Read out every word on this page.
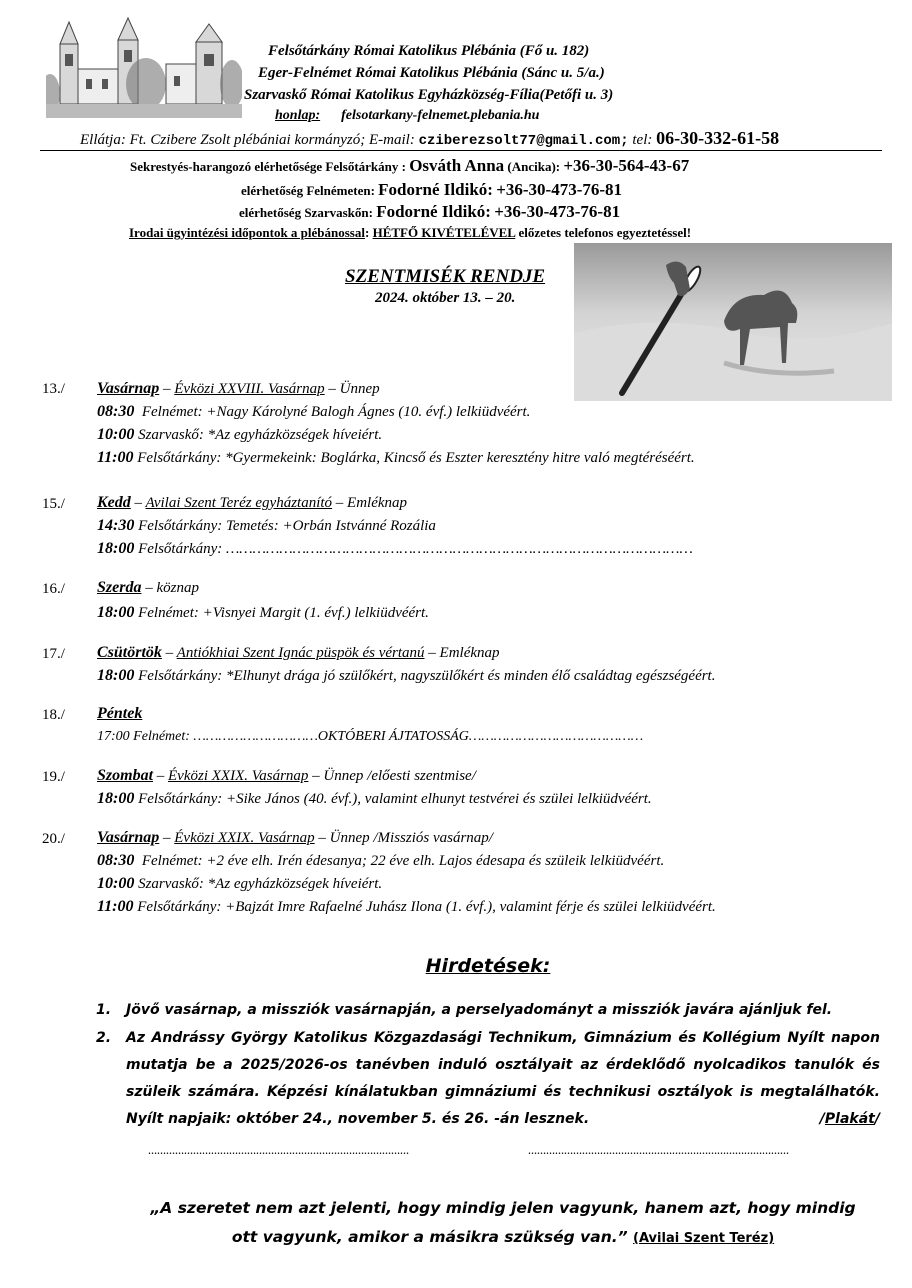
Felsőtárkány Római Katolikus Plébánia (Fő u. 182)
Eger-Felnémet Római Katolikus Plébánia (Sánc u. 5/a.)
Szarvaskő Római Katolikus Egyházközség-Fília(Petőfi u. 3)
honlap: felsotarkany-felnemet.plebania.hu
Ellátja: Ft. Czibere Zsolt plébániai kormányzó; E-mail: cziberezsolt77@gmail.com; tel: 06-30-332-61-58
Sekrestyés-harangozó elérhetősége Felsőtárkány : Osváth Anna (Ancika): +36-30-564-43-67
elérhetőség Felnémeten: Fodorné Ildikó: +36-30-473-76-81
elérhetőség Szarvaskőn: Fodorné Ildikó: +36-30-473-76-81
Irodai ügyintézési időpontok a plébánossal: HÉTFŐ KIVÉTELÉVEL előzetes telefonos egyeztetéssel!
SZENTMISÉK RENDJE
2024. október 13. – 20.
13./ Vasárnap – Évközi XXVIII. Vasárnap – Ünnep
08:30 Felnémet: +Nagy Károlyné Balogh Ágnes (10. évf.) lelkiüdvéért.
10:00 Szarvaskő: *Az egyházközségek híveiért.
11:00 Felsőtárkány: *Gyermekeink: Boglárka, Kincső és Eszter keresztény hitre való megtéréséért.
15./ Kedd – Avilai Szent Teréz egyháztanító – Emléknap
14:30 Felsőtárkány: Temetés: +Orbán Istvánné Rozália
18:00 Felsőtárkány: ……………………………………………………………………………………………
16./ Szerda – köznap
18:00 Felnémet: +Visnyei Margit (1. évf.) lelkiüdvéért.
17./ Csütörtök – Antiókhiai Szent Ignác püspök és vértanú – Emléknap
18:00 Felsőtárkány: *Elhunyt drága jó szülőkért, nagyszülőkért és minden élő családtag egészségéért.
18./ Péntek
17:00 Felnémet: …………………………OKTÓBERI ÁJTATOSSÁG……………………………………
19./ Szombat – Évközi XXIX. Vasárnap – Ünnep /előesti szentmise/
18:00 Felsőtárkány: +Sike János (40. évf.), valamint elhunyt testvérei és szülei lelkiüdvéért.
20./ Vasárnap – Évközi XXIX. Vasárnap – Ünnep /Missziós vasárnap/
08:30 Felnémet: +2 éve elh. Irén édesanya; 22 éve elh. Lajos édesapa és szüleik lelkiüdvéért.
10:00 Szarvaskő: *Az egyházközségek híveiért.
11:00 Felsőtárkány: +Bajzát Imre Rafaelné Juhász Ilona (1. évf.), valamint férje és szülei lelkiüdvéért.
Hirdetések:
1.	Jövő vasárnap, a missziók vasárnapján, a perselyadományt a missziók javára ajánljuk fel.
2.	Az Andrássy György Katolikus Közgazdasági Technikum, Gimnázium és Kollégium Nyílt napon mutatja be a 2025/2026-os tanévben induló osztályait az érdeklődő nyolcadikos tanulók és szüleik számára. Képzési kínálatukban gimnáziumi és technikusi osztályok is megtalálhatók. Nyílt napjaik: október 24., november 5. és 26. -án lesznek.	/Plakát/
……………………………………………………………………………	……………………………………………………………………………
„A szeretet nem azt jelenti, hogy mindig jelen vagyunk, hanem azt, hogy mindig
ott vagyunk, amikor a másikra szükség van.” (Avilai Szent Teréz)
